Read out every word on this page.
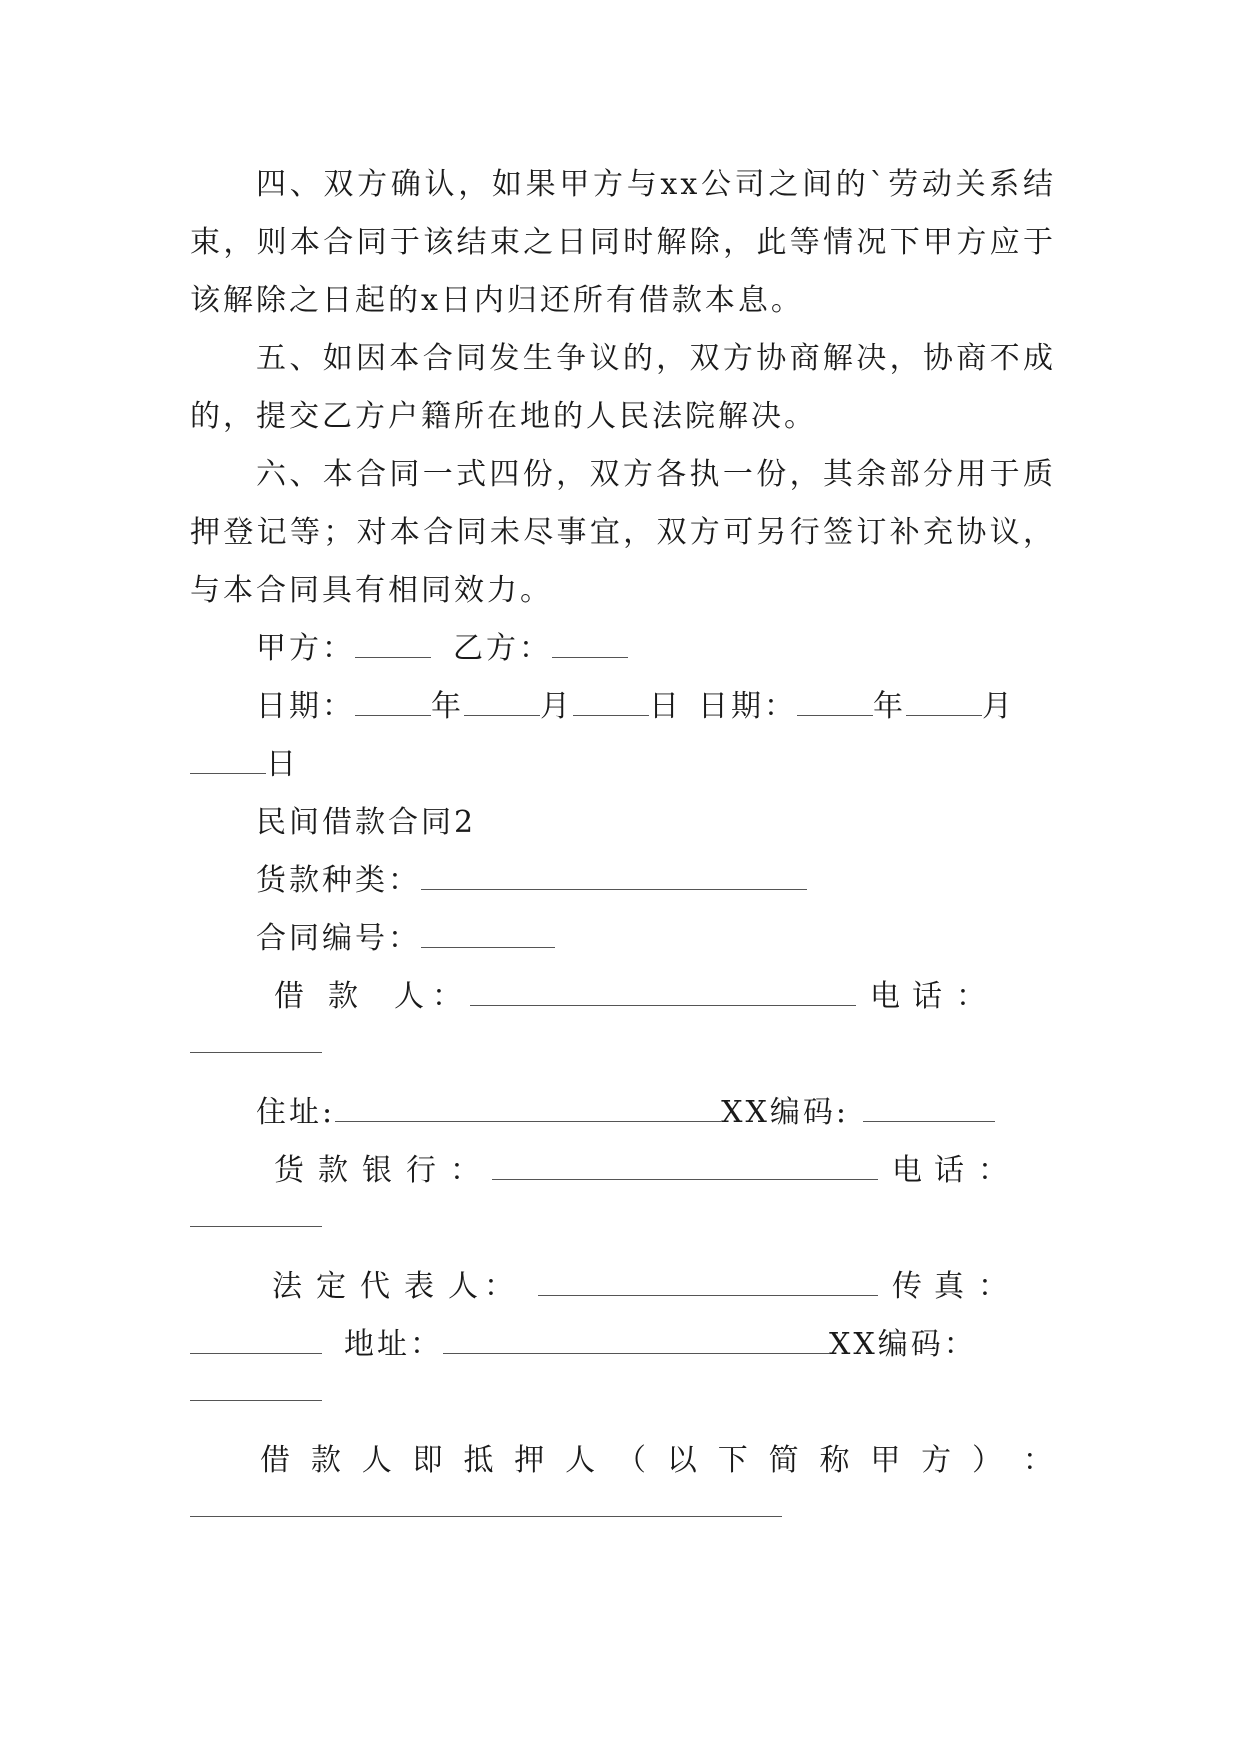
四、双方确认，如果甲方与xx公司之间的`劳动关系结束，则本合同于该结束之日同时解除，此等情况下甲方应于该解除之日起的x日内归还所有借款本息。

五、如因本合同发生争议的，双方协商解决，协商不成的，提交乙方户籍所在地的人民法院解决。

六、本合同一式四份，双方各执一份，其余部分用于质押登记等；对本合同未尽事宜，双方可另行签订补充协议，与本合同具有相同效力。

甲方：	乙方：
日期：	年	月	日 日期：	年	月
日
民间借款合同2
货款种类：
合同编号：
借 款	人 ：	电 话 ：
住址:	XX编码:
货 款 银 行 ：	电 话 ：
法 定 代 表 人 ：	传 真 ：
地址：	XX编码：
借 款 人 即 抵 押 人 （ 以 下 简 称 甲 方 ） ：
